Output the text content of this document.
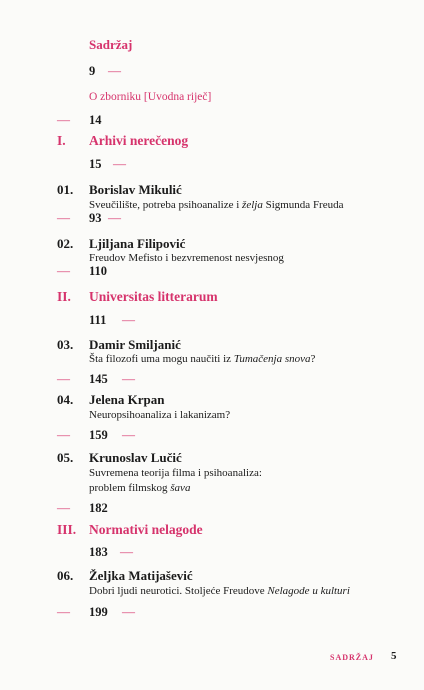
Sadržaj
9 —
O zborniku [Uvodna riječ]
— 14
I. Arhivi nerečenog
15 —
01. Borislav Mikulić
Sveučilište, potreba psihoanalize i želja Sigmunda Freuda
— 93 —
02. Ljiljana Filipović
Freudov Mefisto i bezvremenost nesvjesnog
— 110
II. Universitas litterarum
111 —
03. Damir Smiljanić
Šta filozofi uma mogu naučiti iz Tumačenja snova?
— 145 —
04. Jelena Krpan
Neuropsihoanaliza i lakanizam?
— 159 —
05. Krunoslav Lučić
Suvremena teorija filma i psihoanaliza:
problem filmskog šava
— 182
III. Normativi nelagode
183 —
06. Željka Matijašević
Dobri ljudi neurotici. Stoljeće Freudove Nelagode u kulturi
— 199 —
SADRŽAJ 5
